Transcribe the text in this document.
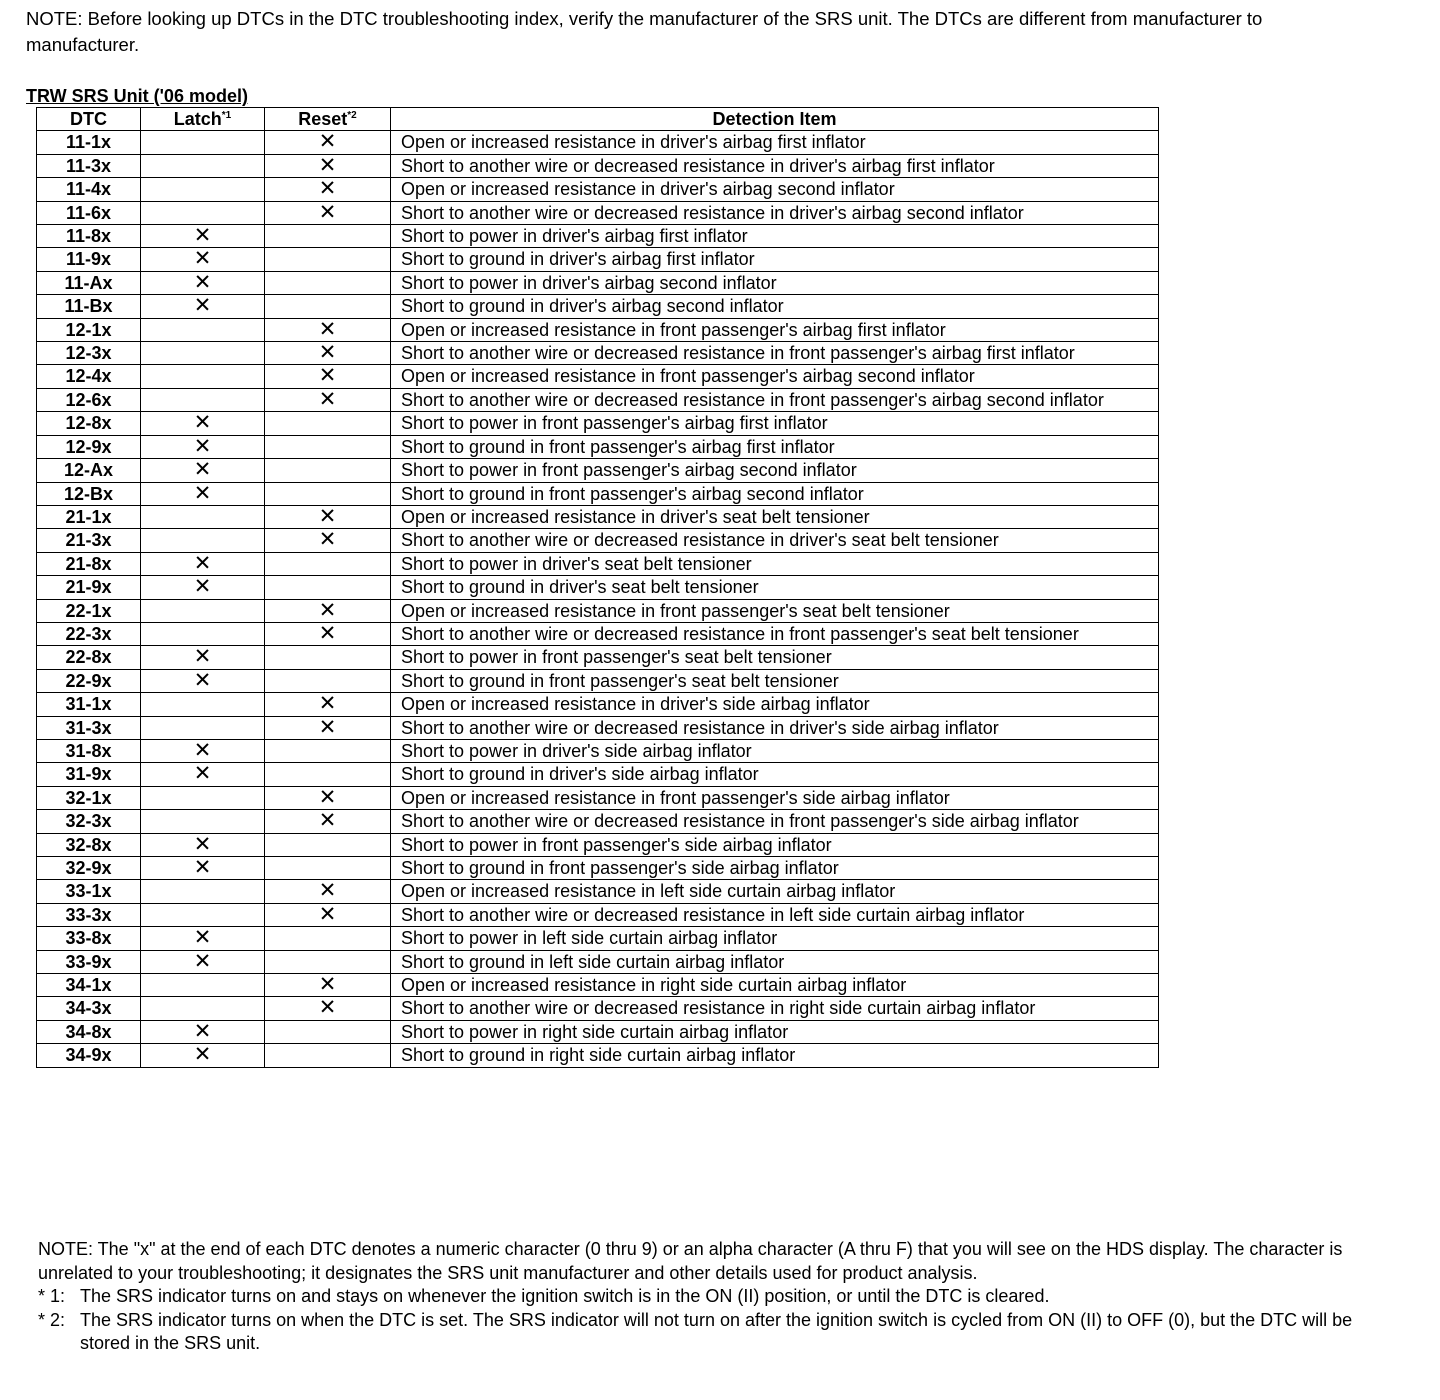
NOTE: Before looking up DTCs in the DTC troubleshooting index, verify the manufacturer of the SRS unit. The DTCs are different from manufacturer to manufacturer.
TRW SRS Unit ('06 model)
DTC	Latch$^{*1}$	Reset$^{*2}$	Detection Item
11-1x		✕	Open or increased resistance in driver's airbag first inflator
11-3x		✕	Short to another wire or decreased resistance in driver's airbag first inflator
11-4x		✕	Open or increased resistance in driver's airbag second inflator
11-6x		✕	Short to another wire or decreased resistance in driver's airbag second inflator
11-8x	✕		Short to power in driver's airbag first inflator
11-9x	✕		Short to ground in driver's airbag first inflator
11-Ax	✕		Short to power in driver's airbag second inflator
11-Bx	✕		Short to ground in driver's airbag second inflator
12-1x		✕	Open or increased resistance in front passenger's airbag first inflator
12-3x		✕	Short to another wire or decreased resistance in front passenger's airbag first inflator
12-4x		✕	Open or increased resistance in front passenger's airbag second inflator
12-6x		✕	Short to another wire or decreased resistance in front passenger's airbag second inflator
12-8x	✕		Short to power in front passenger's airbag first inflator
12-9x	✕		Short to ground in front passenger's airbag first inflator
12-Ax	✕		Short to power in front passenger's airbag second inflator
12-Bx	✕		Short to ground in front passenger's airbag second inflator
21-1x		✕	Open or increased resistance in driver's seat belt tensioner
21-3x		✕	Short to another wire or decreased resistance in driver's seat belt tensioner
21-8x	✕		Short to power in driver's seat belt tensioner
21-9x	✕		Short to ground in driver's seat belt tensioner
22-1x		✕	Open or increased resistance in front passenger's seat belt tensioner
22-3x		✕	Short to another wire or decreased resistance in front passenger's seat belt tensioner
22-8x	✕		Short to power in front passenger's seat belt tensioner
22-9x	✕		Short to ground in front passenger's seat belt tensioner
31-1x		✕	Open or increased resistance in driver's side airbag inflator
31-3x		✕	Short to another wire or decreased resistance in driver's side airbag inflator
31-8x	✕		Short to power in driver's side airbag inflator
31-9x	✕		Short to ground in driver's side airbag inflator
32-1x		✕	Open or increased resistance in front passenger's side airbag inflator
32-3x		✕	Short to another wire or decreased resistance in front passenger's side airbag inflator
32-8x	✕		Short to power in front passenger's side airbag inflator
32-9x	✕		Short to ground in front passenger's side airbag inflator
33-1x		✕	Open or increased resistance in left side curtain airbag inflator
33-3x		✕	Short to another wire or decreased resistance in left side curtain airbag inflator
33-8x	✕		Short to power in left side curtain airbag inflator
33-9x	✕		Short to ground in left side curtain airbag inflator
34-1x		✕	Open or increased resistance in right side curtain airbag inflator
34-3x		✕	Short to another wire or decreased resistance in right side curtain airbag inflator
34-8x	✕		Short to power in right side curtain airbag inflator
34-9x	✕		Short to ground in right side curtain airbag inflator
NOTE: The "x" at the end of each DTC denotes a numeric character (0 thru 9) or an alpha character (A thru F) that you will see on the HDS display. The character is unrelated to your troubleshooting; it designates the SRS unit manufacturer and other details used for product analysis.
* 1: The SRS indicator turns on and stays on whenever the ignition switch is in the ON (II) position, or until the DTC is cleared.
* 2: The SRS indicator turns on when the DTC is set. The SRS indicator will not turn on after the ignition switch is cycled from ON (II) to OFF (0), but the DTC will be stored in the SRS unit.
